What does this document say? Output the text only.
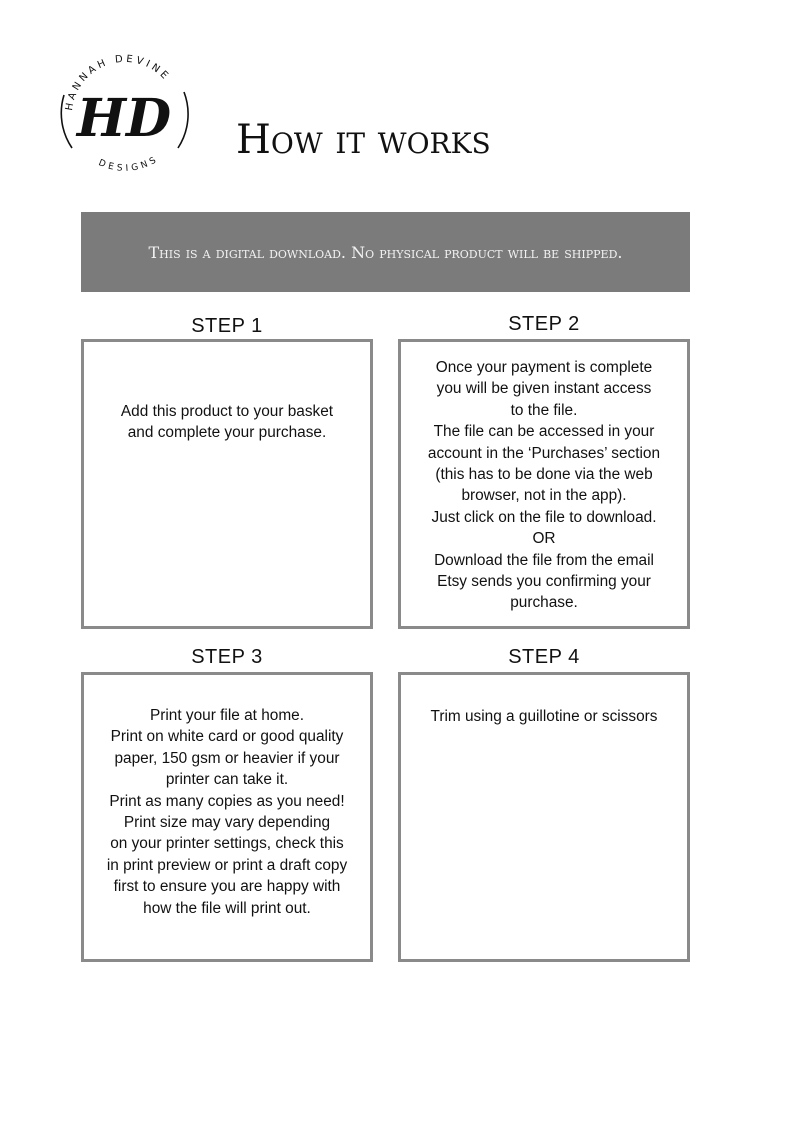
HANNAH DEVINE
DESIGNS
HD How it works
This is a digital download. No physical product will be shipped.
STEP 1
Add this product to your basket
and complete your purchase.
STEP 2
Once your payment is complete
you will be given instant access
to the file.
The file can be accessed in your
account in the ‘Purchases’ section
(this has to be done via the web
browser, not in the app).
Just click on the file to download.
OR
Download the file from the email
Etsy sends you confirming your
purchase.
STEP 3
Print your file at home.
Print on white card or good quality
paper, 150 gsm or heavier if your
printer can take it.
Print as many copies as you need!
Print size may vary depending
on your printer settings, check this
in print preview or print a draft copy
first to ensure you are happy with
how the file will print out.
STEP 4
Trim using a guillotine or scissors
